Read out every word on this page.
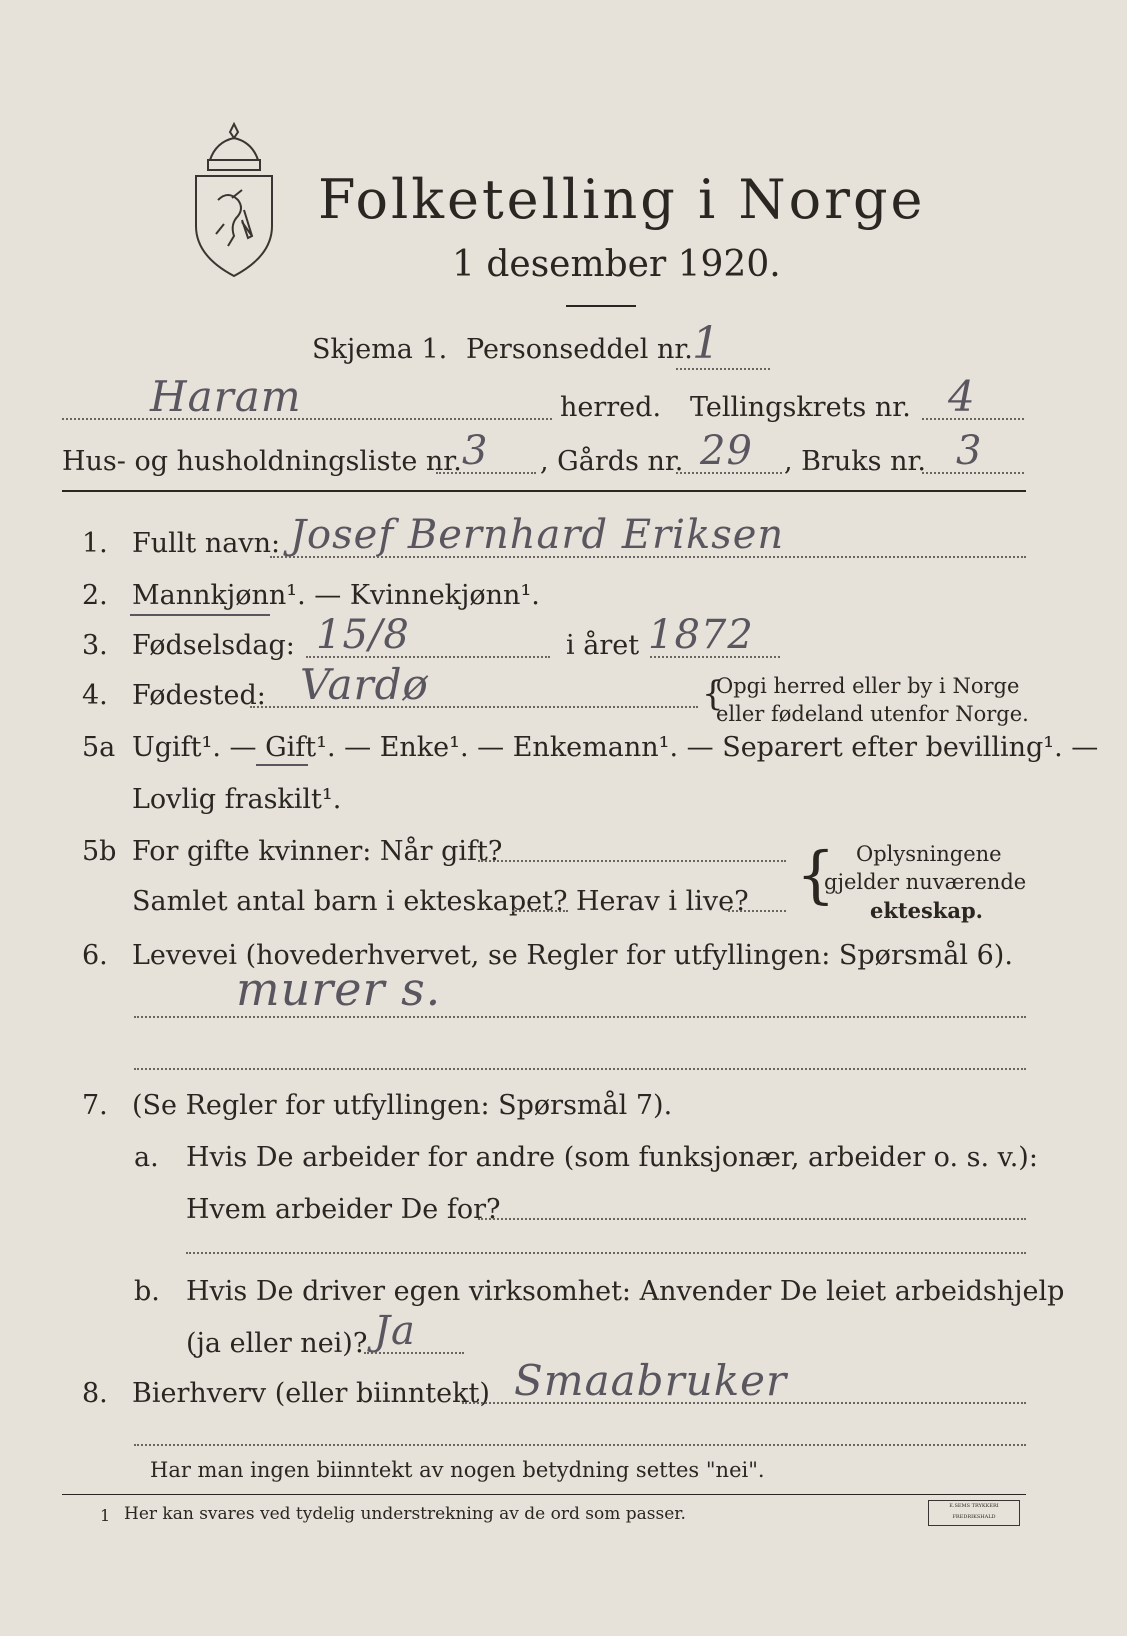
Folketelling i Norge
1 desember 1920.
Skjema 1. Personseddel nr. 1
Haram	herred. Tellingskrets nr. 4
Hus- og husholdningsliste nr. 3 , Gårds nr. 29 , Bruks nr. 3
1. Fullt navn: Josef Bernhard Eriksen
2. Mannkjønn¹. — Kvinnekjønn¹.
3. Fødselsdag: 15/8	i året 1872
4. Fødested: Vardø	{
Opgi herred eller by i Norge
eller fødeland utenfor Norge.
5a Ugift¹. — Gift¹. — Enke¹. — Enkemann¹. — Separert efter bevilling¹. —
Lovlig fraskilt¹.
5b For gifte kvinner: Når gift?
Samlet antal barn i ekteskapet? Herav i live? { Oplysningene
gjelder nuværende
ekteskap.
6. Levevei (hovederhvervet, se Regler for utfyllingen: Spørsmål 6).
murer s.
7. (Se Regler for utfyllingen: Spørsmål 7).
a. Hvis De arbeider for andre (som funksjonær, arbeider o. s. v.):
Hvem arbeider De for?
b. Hvis De driver egen virksomhet: Anvender De leiet arbeidshjelp
(ja eller nei)? Ja
8. Bierhverv (eller biinntekt) Smaabruker
Har man ingen biinntekt av nogen betydning settes "nei".
1 Her kan svares ved tydelig understrekning av de ord som passer.	E.SEMS TRYKKERI FREDRIKSHALD
